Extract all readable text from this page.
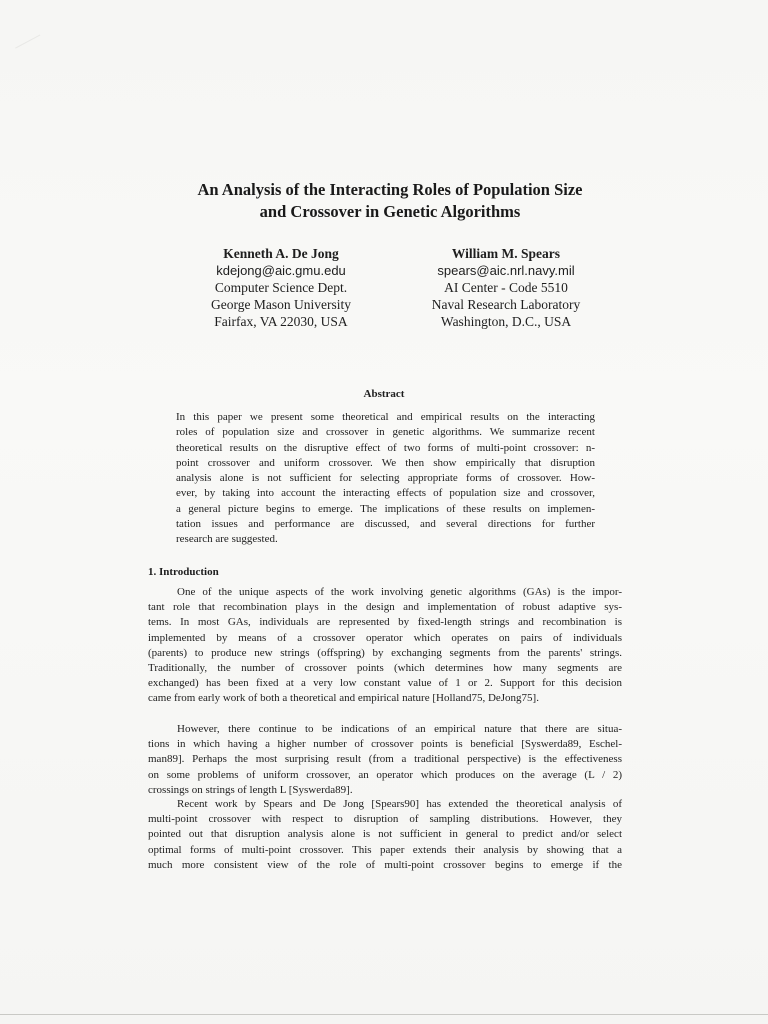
An Analysis of the Interacting Roles of Population Size
and Crossover in Genetic Algorithms
Kenneth A. De Jong
kdejong@aic.gmu.edu
Computer Science Dept.
George Mason University
Fairfax, VA 22030, USA
William M. Spears
spears@aic.nrl.navy.mil
AI Center - Code 5510
Naval Research Laboratory
Washington, D.C., USA
Abstract
In this paper we present some theoretical and empirical results on the interacting
roles of population size and crossover in genetic algorithms. We summarize recent
theoretical results on the disruptive effect of two forms of multi-point crossover: n-
point crossover and uniform crossover. We then show empirically that disruption
analysis alone is not sufficient for selecting appropriate forms of crossover. How-
ever, by taking into account the interacting effects of population size and crossover,
a general picture begins to emerge. The implications of these results on implemen-
tation issues and performance are discussed, and several directions for further
research are suggested.
1. Introduction
One of the unique aspects of the work involving genetic algorithms (GAs) is the impor-
tant role that recombination plays in the design and implementation of robust adaptive sys-
tems. In most GAs, individuals are represented by fixed-length strings and recombination is
implemented by means of a crossover operator which operates on pairs of individuals
(parents) to produce new strings (offspring) by exchanging segments from the parents' strings.
Traditionally, the number of crossover points (which determines how many segments are
exchanged) has been fixed at a very low constant value of 1 or 2. Support for this decision
came from early work of both a theoretical and empirical nature [Holland75, DeJong75].
However, there continue to be indications of an empirical nature that there are situa-
tions in which having a higher number of crossover points is beneficial [Syswerda89, Eschel-
man89]. Perhaps the most surprising result (from a traditional perspective) is the effectiveness
on some problems of uniform crossover, an operator which produces on the average (L / 2)
crossings on strings of length L [Syswerda89].
Recent work by Spears and De Jong [Spears90] has extended the theoretical analysis of
multi-point crossover with respect to disruption of sampling distributions. However, they
pointed out that disruption analysis alone is not sufficient in general to predict and/or select
optimal forms of multi-point crossover. This paper extends their analysis by showing that a
much more consistent view of the role of multi-point crossover begins to emerge if the
